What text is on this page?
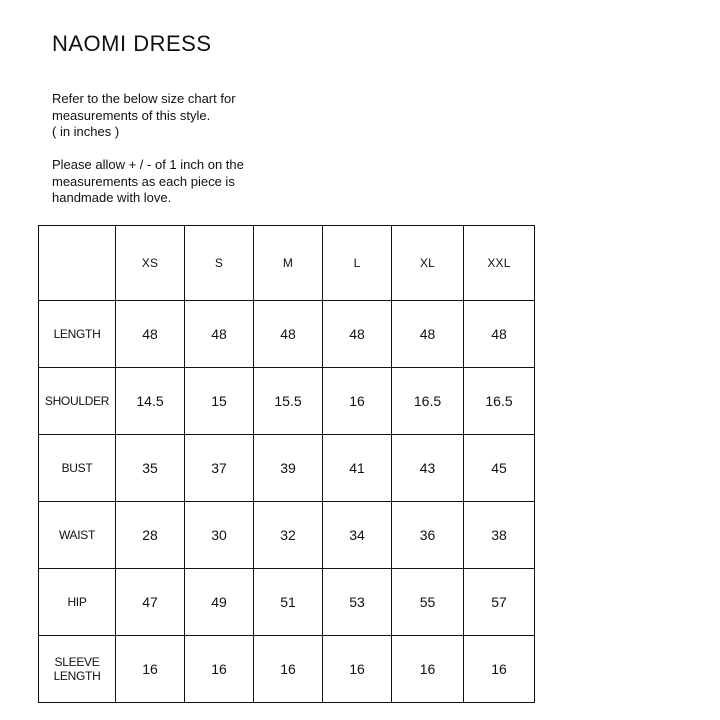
NAOMI DRESS

Refer to the below size chart for
measurements of this style.
( in inches )

Please allow + / - of 1 inch on the
measurements as each piece is
handmade with love.

	XS	S	M	L	XL	XXL
LENGTH	48	48	48	48	48	48
SHOULDER	14.5	15	15.5	16	16.5	16.5
BUST	35	37	39	41	43	45
WAIST	28	30	32	34	36	38
HIP	47	49	51	53	55	57

SLEEVE
LENGTH	16	16	16	16	16	16
